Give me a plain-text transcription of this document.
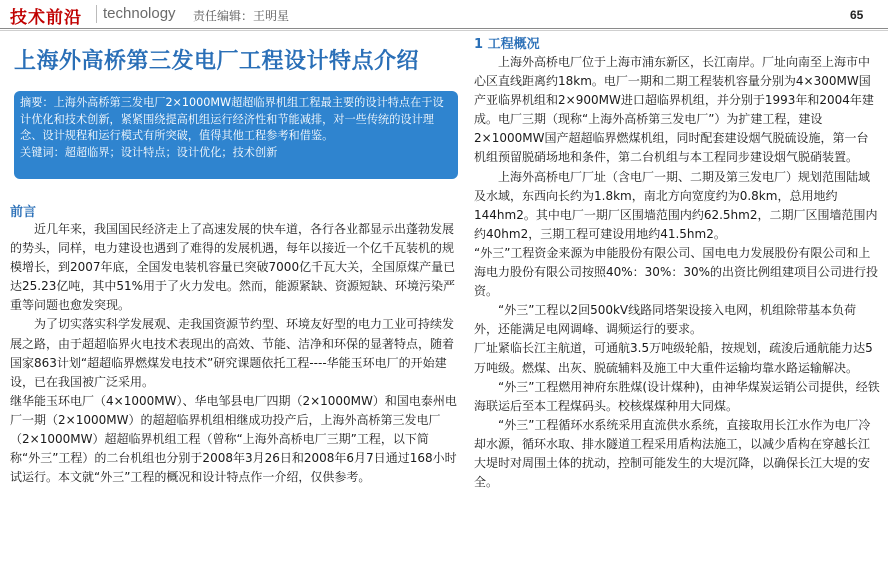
技术前沿	technology 责任编辑：王明星	65
上海外高桥第三发电厂工程设计特点介绍

摘要：上海外高桥第三发电厂2×1000MW超超临界机组工程最主要的设计特点在于设计优化和技术创新，紧紧围绕提高机组运行经济性和节能减排，对一些传统的设计理念、设计规程和运行模式有所突破，值得其他工程参考和借鉴。

关键词：超超临界；设计特点；设计优化；技术创新

前言

近几年来，我国国民经济走上了高速发展的快车道，各行各业都显示出蓬勃发展的势头，同样，电力建设也遇到了难得的发展机遇，每年以接近一个亿千瓦装机的规模增长，到2007年底，全国发电装机容量已突破7000亿千瓦大关，全国原煤产量已达25.23亿吨，其中51%用于了火力发电。然而，能源紧缺、资源短缺、环境污染严重等问题也愈发突现。

为了切实落实科学发展观、走我国资源节约型、环境友好型的电力工业可持续发展之路，由于超超临界火电技术表现出的高效、节能、洁净和环保的显著特点，随着国家863计划“超超临界燃煤发电技术”研究课题依托工程----华能玉环电厂的开始建设，已在我国被广泛采用。

继华能玉环电厂（4×1000MW）、华电邹县电厂四期（2×1000MW）和国电泰州电厂一期（2×1000MW）的超超临界机组相继成功投产后，上海外高桥第三发电厂（2×1000MW）超超临界机组工程（曾称“上海外高桥电厂三期”工程，以下简称“外三”工程）的二台机组也分别于2008年3月26日和2008年6月7日通过168小时试运行。本文就“外三”工程的概况和设计特点作一介绍，仅供参考。

1 工程概况

上海外高桥电厂位于上海市浦东新区，长江南岸。厂址向南至上海市中心区直线距离约18km。电厂一期和二期工程装机容量分别为4×300MW国产亚临界机组和2×900MW进口超临界机组，并分别于1993年和2004年建成。电厂三期（现称“上海外高桥第三发电厂”）为扩建工程，建设2×1000MW国产超超临界燃煤机组，同时配套建设烟气脱硫设施，第一台机组预留脱硝场地和条件，第二台机组与本工程同步建设烟气脱硝装置。

上海外高桥电厂厂址（含电厂一期、二期及第三发电厂）规划范围陆域及水域，东西向长约为1.8km，南北方向宽度约为0.8km，总用地约144hm2。其中电厂一期厂区围墙范围内约62.5hm2，二期厂区围墙范围内约40hm2，三期工程可建设用地约41.5hm2。

“外三”工程资金来源为申能股份有限公司、国电电力发展股份有限公司和上海电力股份有限公司按照40%：30%：30%的出资比例组建项目公司进行投资。

“外三”工程以2回500kV线路同塔架设接入电网，机组除带基本负荷外，还能满足电网调峰、调频运行的要求。

厂址紧临长江主航道，可通航3.5万吨级轮船，按规划，疏浚后通航能力达5万吨级。燃煤、出灰、脱硫辅料及施工中大重件运输均靠水路运输解决。

“外三”工程燃用神府东胜煤(设计煤种)，由神华煤炭运销公司提供，经铁海联运后至本工程煤码头。校核煤煤种用大同煤。

“外三”工程循环水系统采用直流供水系统，直接取用长江水作为电厂冷却水源，循环水取、排水隧道工程采用盾构法施工，以减少盾构在穿越长江大堤时对周围土体的扰动，控制可能发生的大堤沉降，以确保长江大堤的安全。
